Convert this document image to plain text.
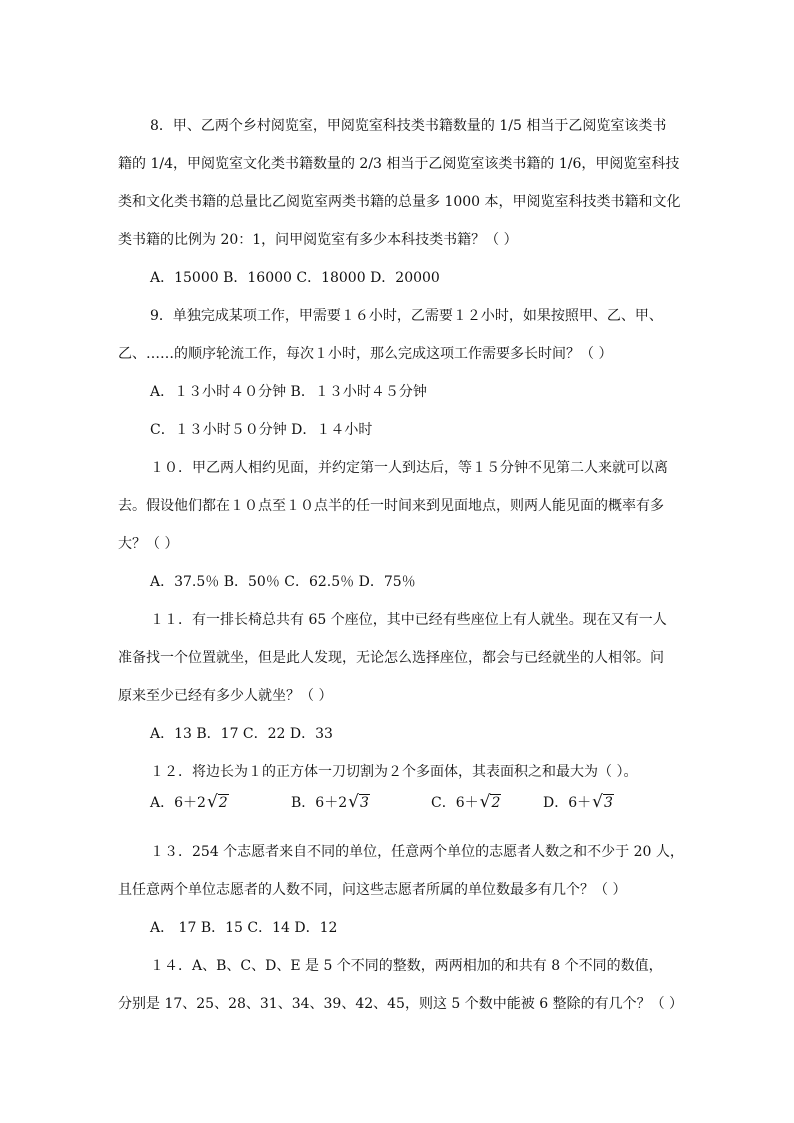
8．甲、乙两个乡村阅览室，甲阅览室科技类书籍数量的 1/5 相当于乙阅览室该类书
籍的 1/4，甲阅览室文化类书籍数量的 2/3 相当于乙阅览室该类书籍的 1/6，甲阅览室科技
类和文化类书籍的总量比乙阅览室两类书籍的总量多 1000 本，甲阅览室科技类书籍和文化
类书籍的比例为 20：1，问甲阅览室有多少本科技类书籍？（ ）
A．15000 B．16000 C．18000 D．20000
9．单独完成某项工作，甲需要１６小时，乙需要１２小时，如果按照甲、乙、甲、
乙、……的顺序轮流工作，每次１小时，那么完成这项工作需要多长时间？（ ）
A．１３小时４０分钟 B．１３小时４５分钟
C．１３小时５０分钟 D．１４小时
１０．甲乙两人相约见面，并约定第一人到达后，等１５分钟不见第二人来就可以离
去。假设他们都在１０点至１０点半的任一时间来到见面地点，则两人能见面的概率有多
大？（ ）
A．37.5％ B．50％ C．62.5％ D．75％
１１．有一排长椅总共有 65 个座位，其中已经有些座位上有人就坐。现在又有一人
准备找一个位置就坐，但是此人发现，无论怎么选择座位，都会与已经就坐的人相邻。问
原来至少已经有多少人就坐？（ ）
A．13 B．17 C．22 D．33
１２．将边长为１的正方体一刀切割为２个多面体，其表面积之和最大为（ ）。
A．6＋2√2	B．6＋2√3	C．6＋√2	D．6＋√3
１３．254 个志愿者来自不同的单位，任意两个单位的志愿者人数之和不少于 20 人，
且任意两个单位志愿者的人数不同，问这些志愿者所属的单位数最多有几个？（ ）
A． 17 B．15 C．14 D．12
１４．A、B、C、D、E 是 5 个不同的整数，两两相加的和共有 8 个不同的数值，
分别是 17、25、28、31、34、39、42、45，则这 5 个数中能被 6 整除的有几个？（ ）
